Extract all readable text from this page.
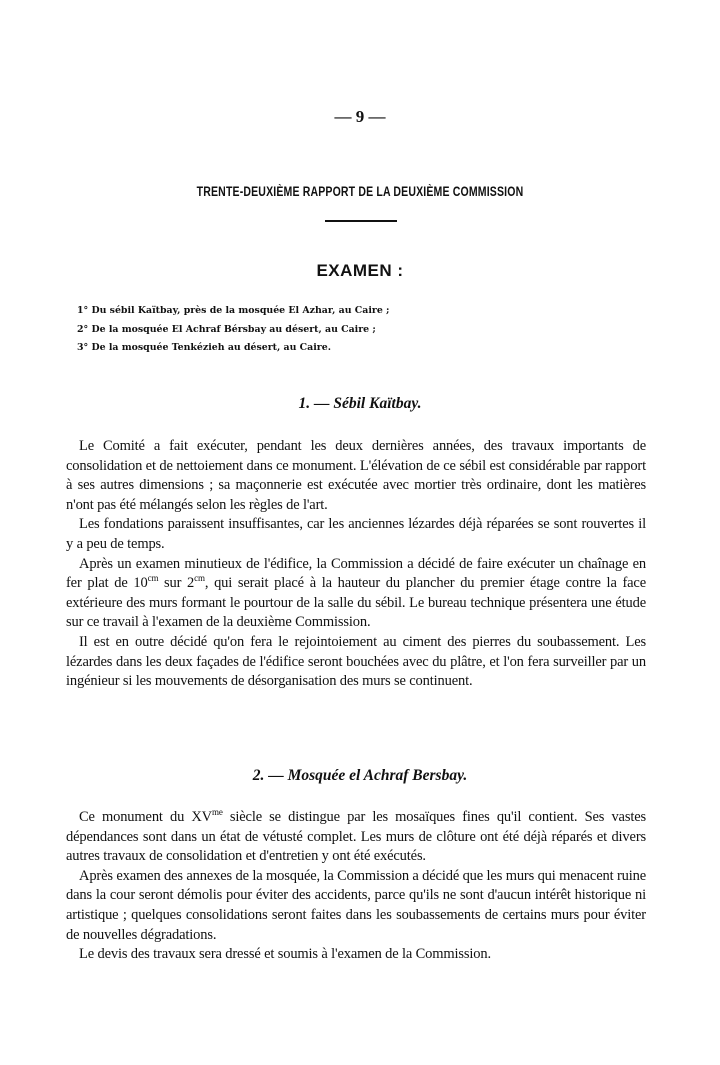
— 9 —
TRENTE-DEUXIÈME RAPPORT DE LA DEUXIÈME COMMISSION
EXAMEN :
1° Du sébil Kaïtbay, près de la mosquée El Azhar, au Caire ;
2° De la mosquée El Achraf Bérsbay au désert, au Caire ;
3° De la mosquée Tenkézieh au désert, au Caire.
1. — Sébil Kaïtbay.

Le Comité a fait exécuter, pendant les deux dernières années, des travaux importants de consolidation et de nettoiement dans ce monument. L'élévation de ce sébil est considérable par rapport à ses autres dimensions ; sa maçonnerie est exécutée avec mortier très ordinaire, dont les matières n'ont pas été mélangés selon les règles de l'art.

Les fondations paraissent insuffisantes, car les anciennes lézardes déjà réparées se sont rouvertes il y a peu de temps.

Après un examen minutieux de l'édifice, la Commission a décidé de faire exécuter un chaînage en fer plat de $10^{cm}$ sur $2^{cm}$, qui serait placé à la hauteur du plancher du premier étage contre la face extérieure des murs formant le pourtour de la salle du sébil. Le bureau technique présentera une étude sur ce travail à l'examen de la deuxième Commission.

Il est en outre décidé qu'on fera le rejointoiement au ciment des pierres du soubassement. Les lézardes dans les deux façades de l'édifice seront bouchées avec du plâtre, et l'on fera surveiller par un ingénieur si les mouvements de désorganisation des murs se continuent.

2. — Mosquée el Achraf Bersbay.

Ce monument du $XV^{me}$ siècle se distingue par les mosaïques fines qu'il contient. Ses vastes dépendances sont dans un état de vétusté complet. Les murs de clôture ont été déjà réparés et divers autres travaux de consolidation et d'entretien y ont été exécutés.

Après examen des annexes de la mosquée, la Commission a décidé que les murs qui menacent ruine dans la cour seront démolis pour éviter des accidents, parce qu'ils ne sont d'aucun intérêt historique ni artistique ; quelques consolidations seront faites dans les soubassements de certains murs pour éviter de nouvelles dégradations.

Le devis des travaux sera dressé et soumis à l'examen de la Commission.
